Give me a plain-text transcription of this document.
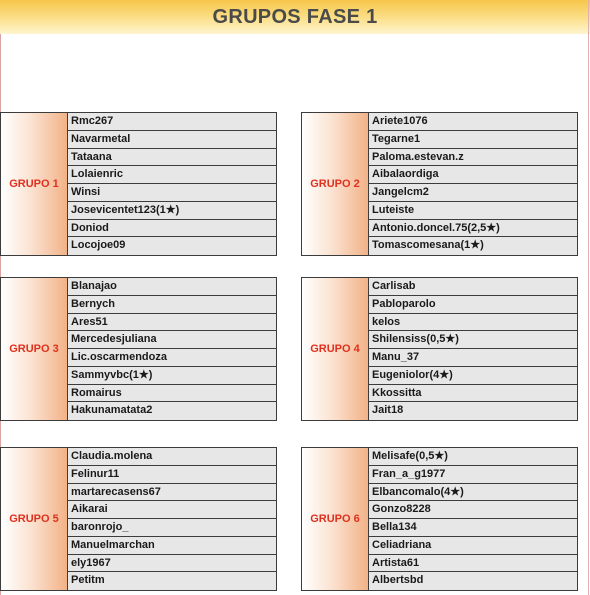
GRUPOS FASE 1
GRUPO 1
Rmc267
Navarmetal
Tataana
Lolaienric
Winsi
Josevicentet123(1★)
Doniod
Locojoe09
GRUPO 2
Ariete1076
Tegarne1
Paloma.estevan.z
Aibalaordiga
Jangelcm2
Luteiste
Antonio.doncel.75(2,5★)
Tomascomesana(1★)
GRUPO 3
Blanajao
Bernych
Ares51
Mercedesjuliana
Lic.oscarmendoza
Sammyvbc(1★)
Romairus
Hakunamatata2
GRUPO 4
Carlisab
Pabloparolo
kelos
Shilensiss(0,5★)
Manu_37
Eugeniolor(4★)
Kkossitta
Jait18
GRUPO 5
Claudia.molena
Felinur11
martarecasens67
Aikarai
baronrojo_
Manuelmarchan
ely1967
Petitm
GRUPO 6
Melisafe(0,5★)
Fran_a_g1977
Elbancomalo(4★)
Gonzo8228
Bella134
Celiadriana
Artista61
Albertsbd
